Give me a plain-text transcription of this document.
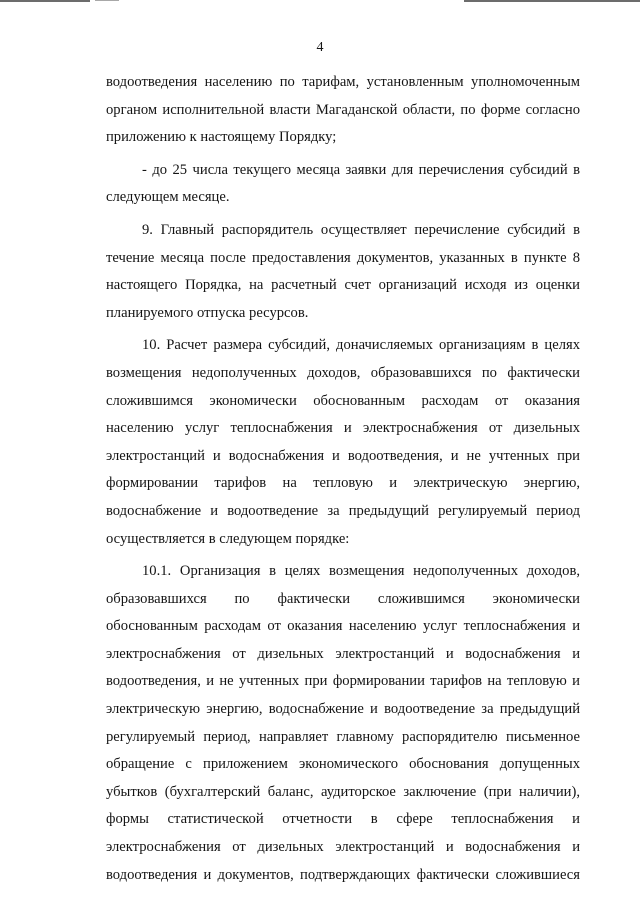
4
водоотведения населению по тарифам, установленным уполномоченным
органом исполнительной власти Магаданской области, по форме согласно
приложению к настоящему Порядку;
- до 25 числа текущего месяца заявки для перечисления субсидий в
следующем месяце.
9. Главный распорядитель осуществляет перечисление субсидий в
течение месяца после предоставления документов, указанных в пункте 8
настоящего Порядка, на расчетный счет организаций исходя из оценки
планируемого отпуска ресурсов.
10. Расчет размера субсидий, доначисляемых организациям в целях
возмещения недополученных доходов, образовавшихся по фактически
сложившимся экономически обоснованным расходам от оказания
населению услуг теплоснабжения и электроснабжения от дизельных
электростанций и водоснабжения и водоотведения, и не учтенных при
формировании тарифов на тепловую и электрическую энергию,
водоснабжение и водоотведение за предыдущий регулируемый период
осуществляется в следующем порядке:
10.1. Организация в целях возмещения недополученных доходов,
образовавшихся по фактически сложившимся экономически
обоснованным расходам от оказания населению услуг теплоснабжения и
электроснабжения от дизельных электростанций и водоснабжения и
водоотведения, и не учтенных при формировании тарифов на тепловую и
электрическую энергию, водоснабжение и водоотведение за предыдущий
регулируемый период, направляет главному распорядителю письменное
обращение с приложением экономического обоснования допущенных
убытков (бухгалтерский баланс, аудиторское заключение (при наличии),
формы статистической отчетности в сфере теплоснабжения и
электроснабжения от дизельных электростанций и водоснабжения и
водоотведения и документов, подтверждающих фактически сложившиеся
